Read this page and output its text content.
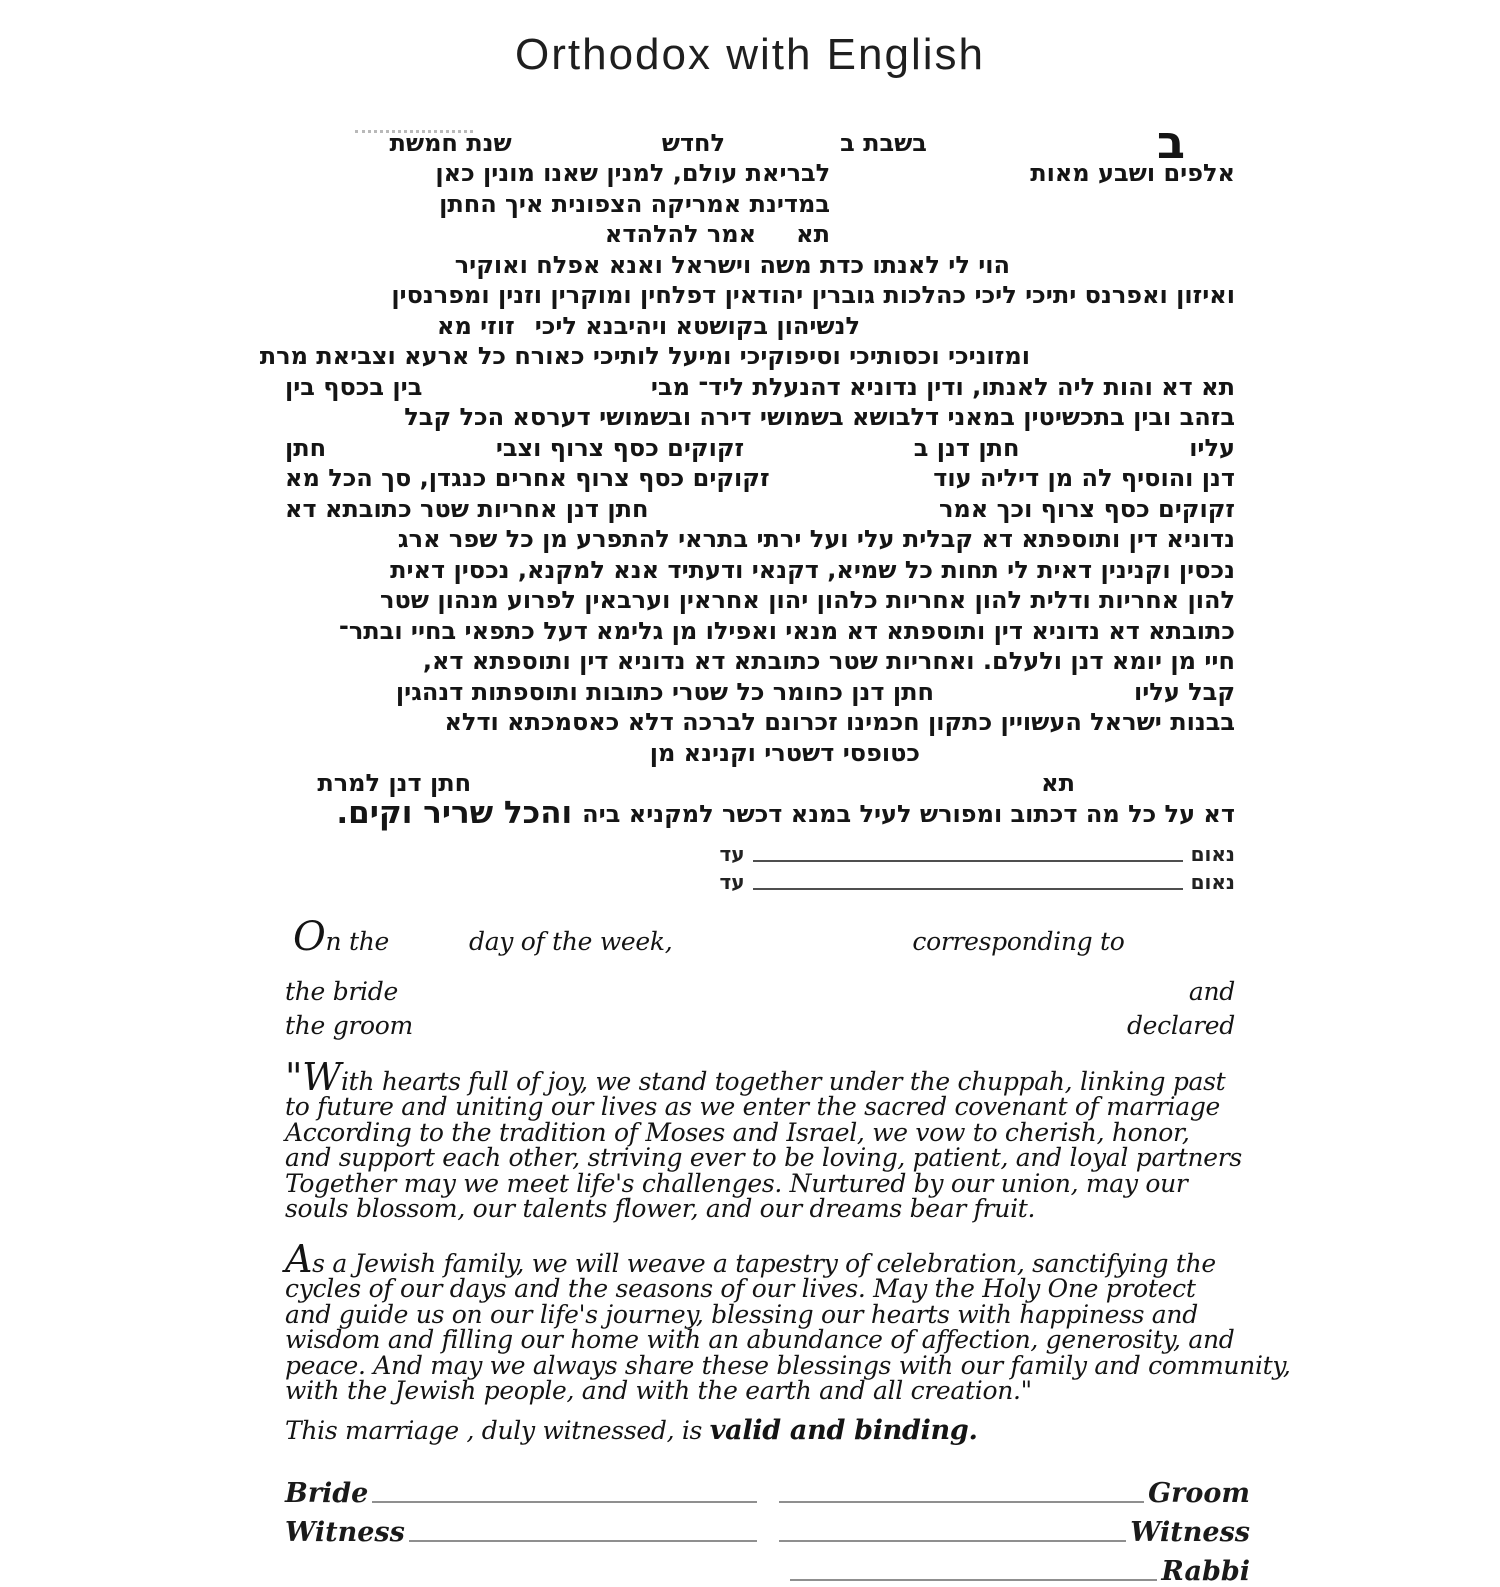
Orthodox with English
ב
בשבת ב
לחדש
שנת חמשת
אלפים ושבע מאות
לבריאת עולם, למנין שאנו מונין כאן
במדינת אמריקה הצפונית איך החתן
תא
אמר להלהדא
הוי לי לאנתו כדת משה וישראל ואנא אפלח ואוקיר
ואיזון ואפרנס יתיכי ליכי כהלכות גוברין יהודאין דפלחין ומוקרין וזנין ומפרנסין
לנשיהון בקושטא ויהיבנא ליכי
זוזי מא
ומזוניכי וכסותיכי וסיפוקיכי ומיעל לותיכי כאורח כל ארעא וצביאת מרת
תא דא והות ליה לאנתו, ודין נדוניא דהנעלת ליד־ מבי
בין בכסף בין
בזהב ובין בתכשיטין במאני דלבושא בשמושי דירה ובשמושי דערסא הכל קבל
עליו
חתן דנן ב
זקוקים כסף צרוף וצבי
חתן
דנן והוסיף לה מן דיליה עוד
זקוקים כסף צרוף אחרים כנגדן, סך הכל מא
זקוקים כסף צרוף וכך אמר
חתן דנן אחריות שטר כתובתא דא
נדוניא דין ותוספתא דא קבלית עלי ועל ירתי בתראי להתפרע מן כל שפר ארג
נכסין וקנינין דאית לי תחות כל שמיא, דקנאי ודעתיד אנא למקנא, נכסין דאית
להון אחריות ודלית להון אחריות כלהון יהון אחראין וערבאין לפרוע מנהון שטר
כתובתא דא נדוניא דין ותוספתא דא מנאי ואפילו מן גלימא דעל כתפאי בחיי ובתר־
חיי מן יומא דנן ולעלם. ואחריות שטר כתובתא דא נדוניא דין ותוספתא דא,
קבל עליו
חתן דנן כחומר כל שטרי כתובות ותוספתות דנהגין
בבנות ישראל העשויין כתקון חכמינו זכרונם לברכה דלא כאסמכתא ודלא
כטופסי דשטרי וקנינא מן
תא
חתן דנן למרת
דא על כל מה דכתוב ומפורש לעיל במנא דכשר למקניא ביה
והכל שריר וקים.
נאום
עד
נאום
עד
On the	day of the week,	corresponding to
the bride	and
the groom	declared
"With hearts full of joy, we stand together under the chuppah, linking past
to future and uniting our lives as we enter the sacred covenant of marriage
According to the tradition of Moses and Israel, we vow to cherish, honor,
and support each other, striving ever to be loving, patient, and loyal partners
Together may we meet life's challenges. Nurtured by our union, may our
souls blossom, our talents flower, and our dreams bear fruit.
As a Jewish family, we will weave a tapestry of celebration, sanctifying the
cycles of our days and the seasons of our lives. May the Holy One protect
and guide us on our life's journey, blessing our hearts with happiness and
wisdom and filling our home with an abundance of affection, generosity, and
peace. And may we always share these blessings with our family and community,
with the Jewish people, and with the earth and all creation."
This marriage , duly witnessed, is valid and binding.
Bride	Groom
Witness	Witness
Rabbi
